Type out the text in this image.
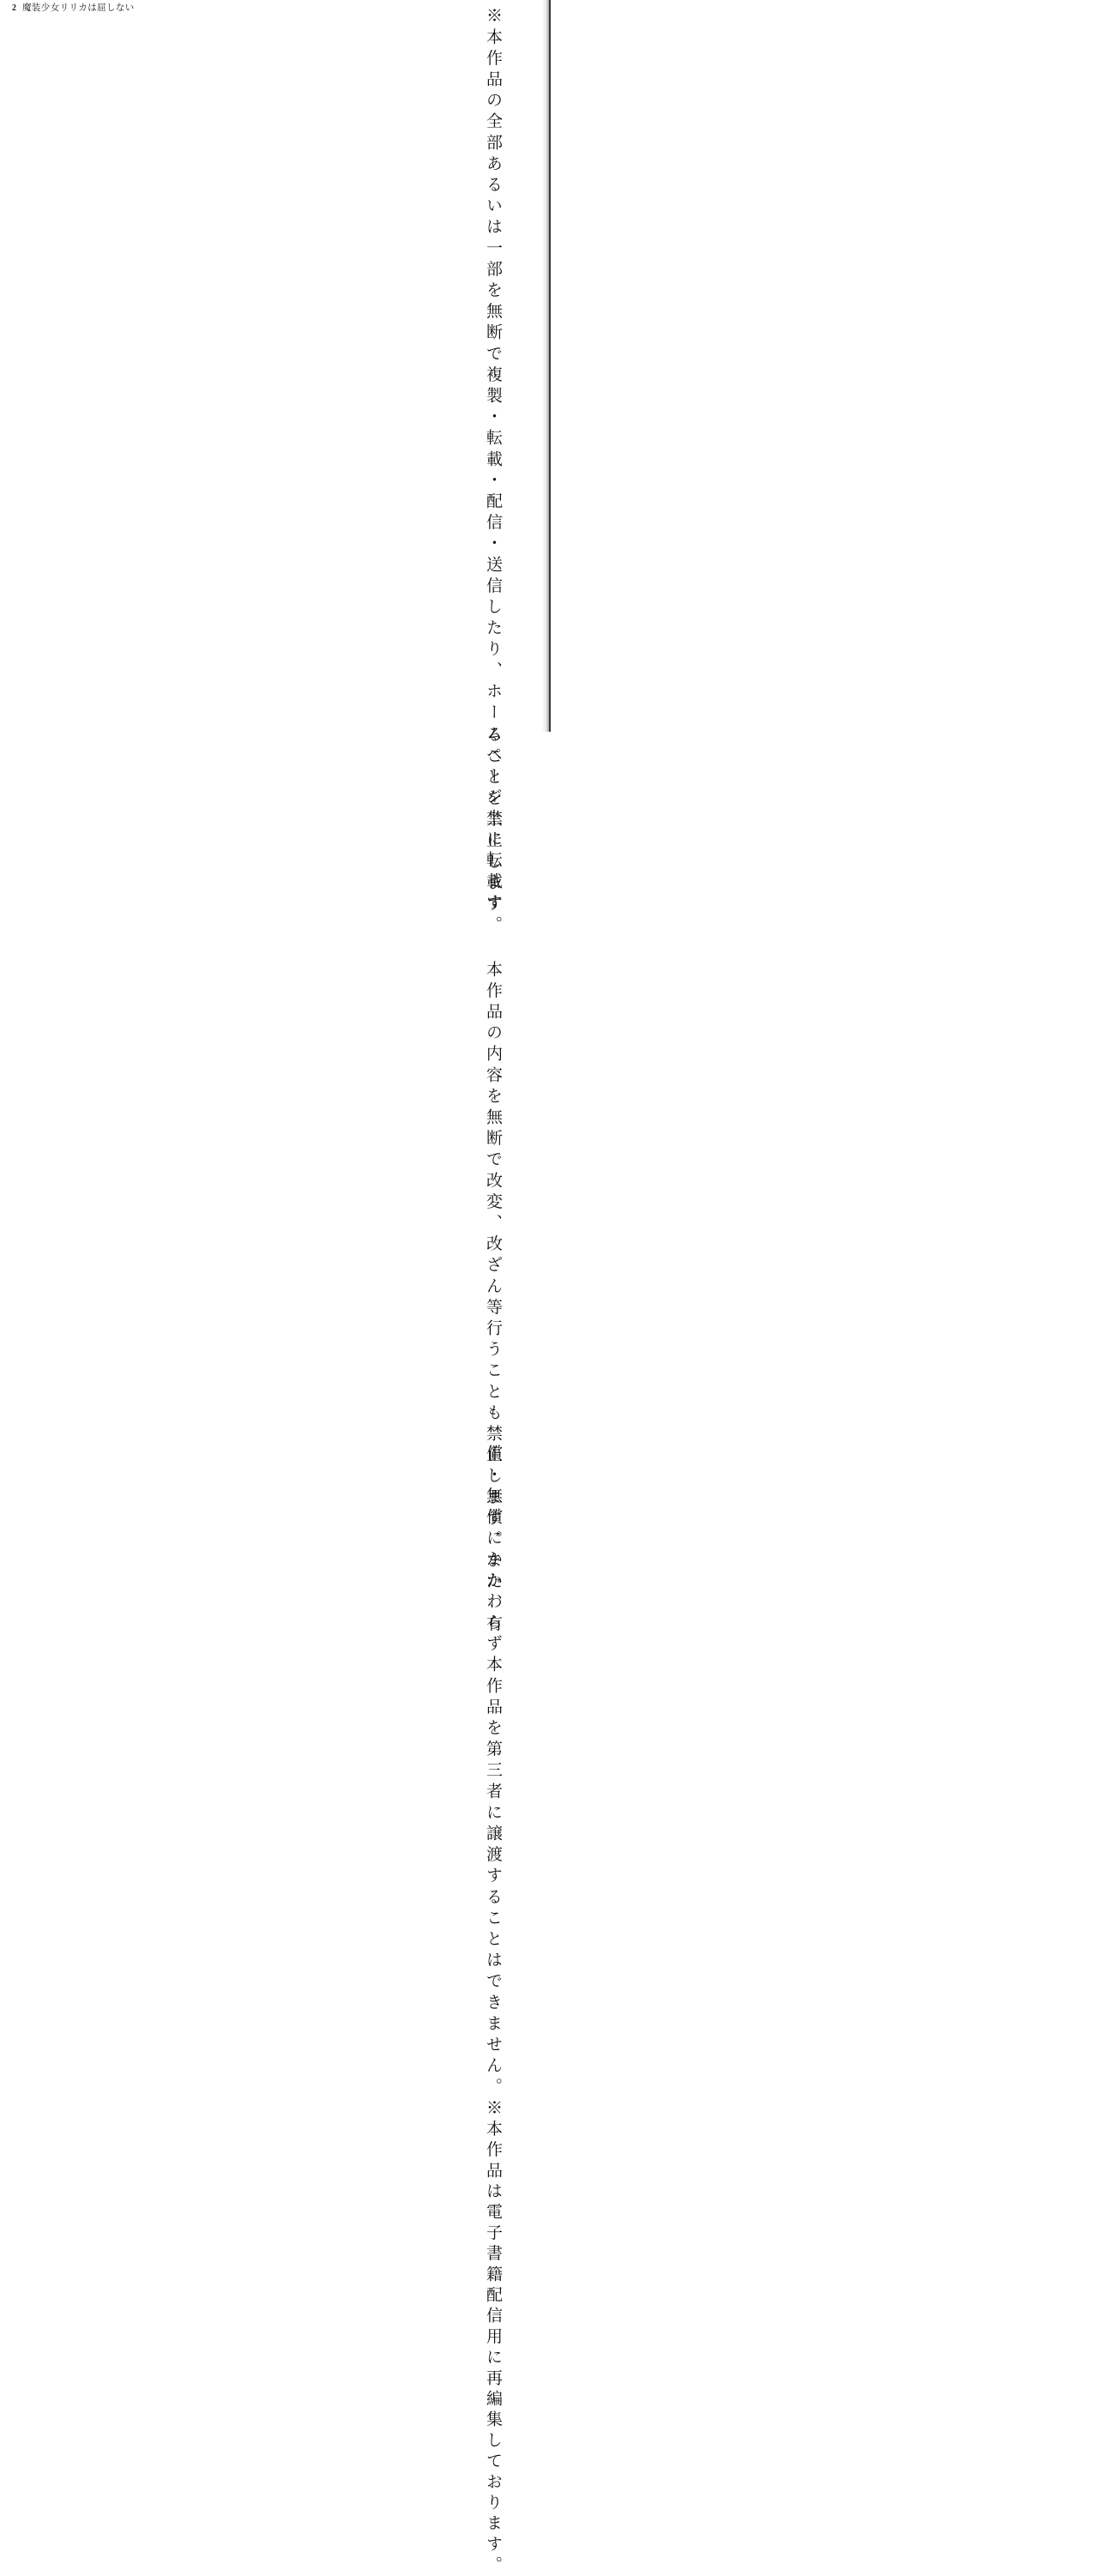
2 魔装少女リリカは屈しない	※本作品の全部あるいは一部を無断で複製・転載・配信・送信したり、ホームページ上に転載す
ることを禁止します。 本作品の内容を無断で改変、改ざん等行うことも禁止します。また、有
償・無償にかかわらず本作品を第三者に譲渡することはできません。
※本作品は電子書籍配信用に再編集しております。
